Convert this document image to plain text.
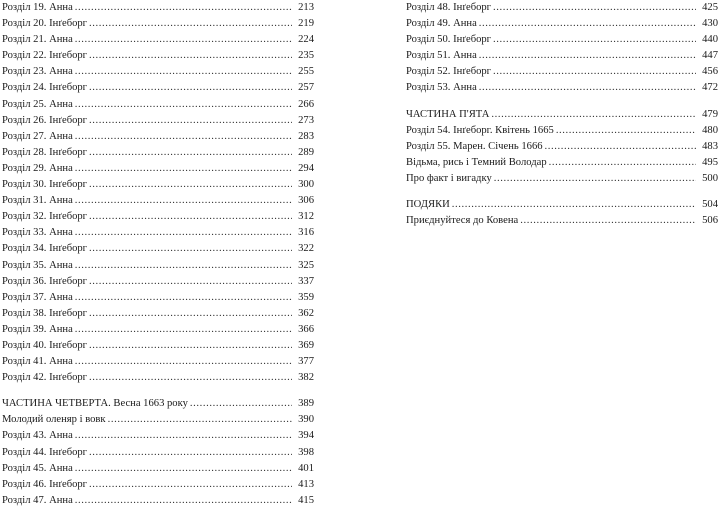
Розділ 19. Анна .....	213
Розділ 20. Інґеборг .....	219
Розділ 21. Анна .....	224
Розділ 22. Інґеборг .....	235
Розділ 23. Анна .....	255
Розділ 24. Інґеборг .....	257
Розділ 25. Анна .....	266
Розділ 26. Інґеборг .....	273
Розділ 27. Анна .....	283
Розділ 28. Інґеборг .....	289
Розділ 29. Анна .....	294
Розділ 30. Інґеборг .....	300
Розділ 31. Анна .....	306
Розділ 32. Інґеборг .....	312
Розділ 33. Анна .....	316
Розділ 34. Інґеборг .....	322
Розділ 35. Анна .....	325
Розділ 36. Інґеборг .....	337
Розділ 37. Анна .....	359
Розділ 38. Інґеборг .....	362
Розділ 39. Анна .....	366
Розділ 40. Інґеборг .....	369
Розділ 41. Анна .....	377
Розділ 42. Інґеборг .....	382
ЧАСТИНА ЧЕТВЕРТА. Весна 1663 року .....	389
Молодий оленяр і вовк .....	390
Розділ 43. Анна .....	394
Розділ 44. Інґеборг .....	398
Розділ 45. Анна .....	401
Розділ 46. Інґеборг .....	413
Розділ 47. Анна .....	415
Розділ 48. Інґеборг .....	425
Розділ 49. Анна .....	430
Розділ 50. Інґеборг .....	440
Розділ 51. Анна .....	447
Розділ 52. Інґеборг .....	456
Розділ 53. Анна .....	472
ЧАСТИНА П'ЯТА .....	479
Розділ 54. Інґеборг. Квітень 1665 .....	480
Розділ 55. Марен. Січень 1666 .....	483
Відьма, рись і Темний Володар .....	495
Про факт і вигадку .....	500
ПОДЯКИ .....	504
Приєднуйтеся до Ковена .....	506
